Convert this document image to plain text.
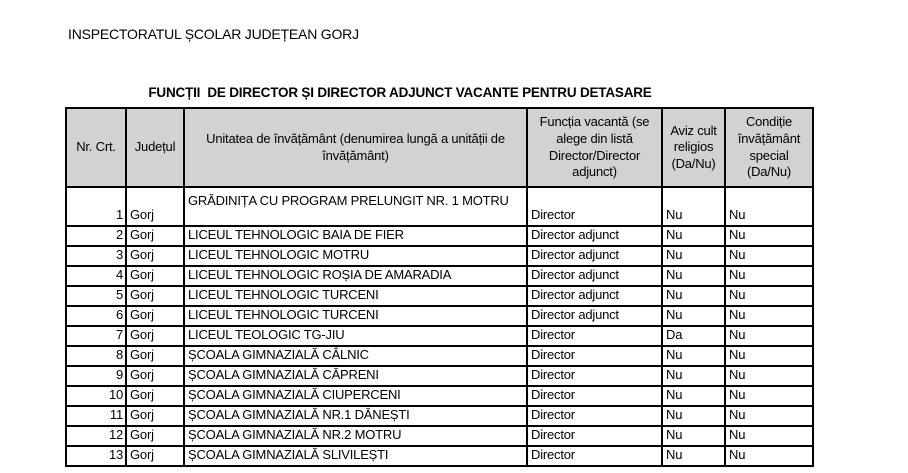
INSPECTORATUL ȘCOLAR JUDEȚEAN GORJ
FUNCȚII  DE DIRECTOR ȘI DIRECTOR ADJUNCT VACANTE PENTRU DETASARE
Nr. Crt.	Județul	Unitatea de învățământ (denumirea lungă a unității de învățământ)	Funcția vacantă (se alege din listă Director/Director adjunct)	Aviz cult religios (Da/Nu)	Condiție învățământ special (Da/Nu)
1	Gorj	GRĂDINIȚA CU PROGRAM PRELUNGIT NR. 1 MOTRU	Director	Nu	Nu
2	Gorj	LICEUL TEHNOLOGIC BAIA DE FIER	Director adjunct	Nu	Nu
3	Gorj	LICEUL TEHNOLOGIC MOTRU	Director adjunct	Nu	Nu
4	Gorj	LICEUL TEHNOLOGIC ROȘIA DE AMARADIA	Director adjunct	Nu	Nu
5	Gorj	LICEUL TEHNOLOGIC TURCENI	Director adjunct	Nu	Nu
6	Gorj	LICEUL TEHNOLOGIC TURCENI	Director adjunct	Nu	Nu
7	Gorj	LICEUL TEOLOGIC TG-JIU	Director	Da	Nu
8	Gorj	ȘCOALA GIMNAZIALĂ CÂLNIC	Director	Nu	Nu
9	Gorj	ȘCOALA GIMNAZIALĂ CĂPRENI	Director	Nu	Nu
10	Gorj	ȘCOALA GIMNAZIALĂ CIUPERCENI	Director	Nu	Nu
11	Gorj	ȘCOALA GIMNAZIALĂ NR.1 DĂNEȘTI	Director	Nu	Nu
12	Gorj	ȘCOALA GIMNAZIALĂ NR.2 MOTRU	Director	Nu	Nu
13	Gorj	ȘCOALA GIMNAZIALĂ SLIVILEȘTI	Director	Nu	Nu
